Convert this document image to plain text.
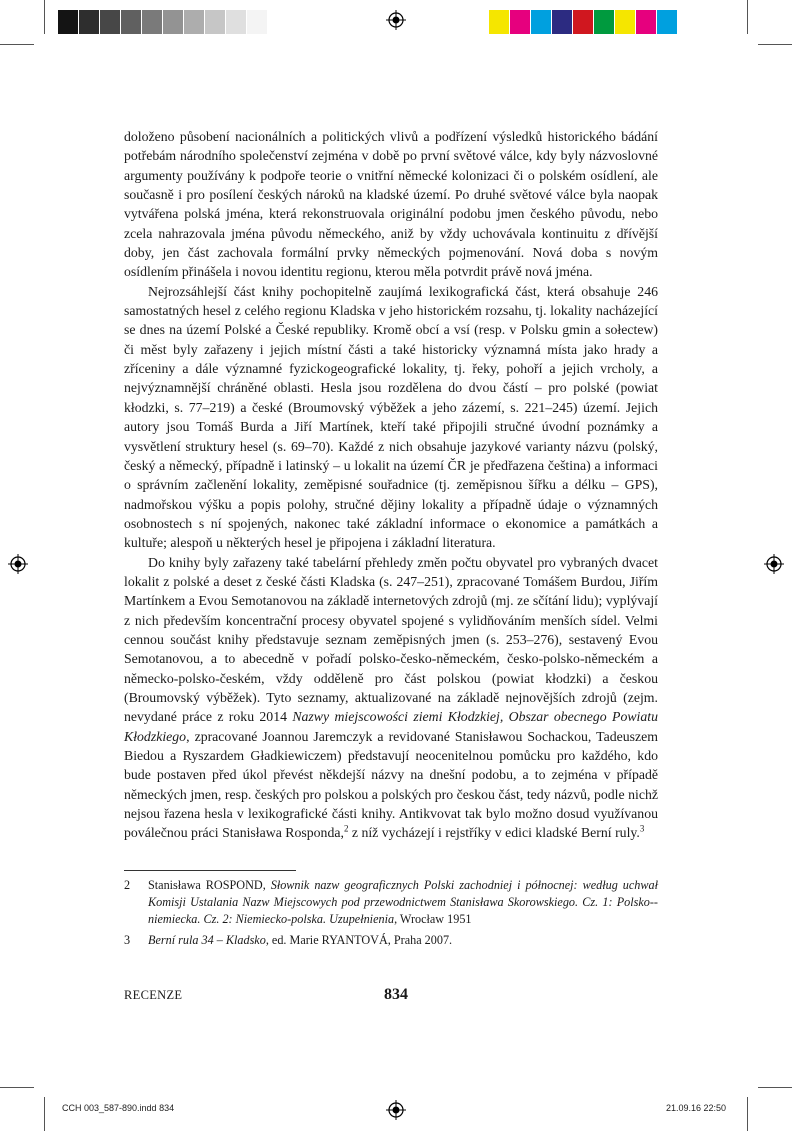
doloženo působení nacionálních a politických vlivů a podřízení výsledků historického bádání potřebám národního společenství zejména v době po první světové válce, kdy byly názvoslovné argumenty používány k podpoře teorie o vnitřní německé kolonizaci či o polském osídlení, ale současně i pro posílení českých nároků na kladské území. Po druhé světové válce byla naopak vytvářena polská jména, která rekonstruovala originální podobu jmen českého původu, nebo zcela nahrazovala jména původu německého, aniž by vždy uchovávala kontinuitu z dřívější doby, jen část zachovala formální prvky německých pojmenování. Nová doba s novým osídlením přinášela i novou identitu regionu, kterou měla potvrdit právě nová jména.

Nejrozsáhlejší část knihy pochopitelně zaujímá lexikografická část, která obsahuje 246 samostatných hesel z celého regionu Kladska v jeho historickém rozsahu, tj. lokality nacházející se dnes na území Polské a České republiky. Kromě obcí a vsí (resp. v Polsku gmin a sołectew) či měst byly zařazeny i jejich místní části a také historicky významná místa jako hrady a zříceniny a dále významné fyzickogeografické lokality, tj. řeky, pohoří a jejich vrcholy, a nejvýznamnější chráněné oblasti. Hesla jsou rozdělena do dvou částí – pro polské (powiat kłodzki, s. 77–219) a české (Broumovský výběžek a jeho zázemí, s. 221–245) území. Jejich autory jsou Tomáš Burda a Jiří Martínek, kteří také připojili stručné úvodní poznámky a vysvětlení struktury hesel (s. 69–70). Každé z nich obsahuje jazykové varianty názvu (polský, český a německý, případně i latinský – u lokalit na území ČR je předřazena čeština) a informaci o správním začlenění lokality, zeměpisné souřadnice (tj. zeměpisnou šířku a délku – GPS), nadmořskou výšku a popis polohy, stručné dějiny lokality a případně údaje o významných osobnostech s ní spojených, nakonec také základní informace o ekonomice a památkách a kultuře; alespoň u některých hesel je připojena i základní literatura.

Do knihy byly zařazeny také tabelární přehledy změn počtu obyvatel pro vybraných dvacet lokalit z polské a deset z české části Kladska (s. 247–251), zpracované Tomášem Burdou, Jiřím Martínkem a Evou Semotanovou na základě internetových zdrojů (mj. ze sčítání lidu); vyplývají z nich především koncentrační procesy obyvatel spojené s vylidňováním menších sídel. Velmi cennou součást knihy představuje seznam zeměpisných jmen (s. 253–276), sestavený Evou Semotanovou, a to abecedně v pořadí polsko-česko-německém, česko-polsko-německém a německo-polsko-českém, vždy odděleně pro část polskou (powiat kłodzki) a českou (Broumovský výběžek). Tyto seznamy, aktualizované na základě nejnovějších zdrojů (zejm. nevydané práce z roku 2014 Nazwy miejscowości ziemi Kłodzkiej, Obszar obecnego Powiatu Kłodzkiego, zpracované Joannou Jaremczyk a revidované Stanisławou Sochackou, Tadeuszem Biedou a Ryszardem Gładkiewiczem) představují neocenitelnou pomůcku pro každého, kdo bude postaven před úkol převést někdejší názvy na dnešní podobu, a to zejména v případě německých jmen, resp. českých pro polskou a polských pro českou část, tedy názvů, podle nichž nejsou řazena hesla v lexikografické části knihy. Antikvovat tak bylo možno dosud využívanou poválečnou práci Stanisława Rosponda,$^2$ z níž vycházejí i rejstříky v edici kladské Berní ruly.$^3$

2	Stanisława ROSPOND, Słownik nazw geograficznych Polski zachodniej i północnej: według uchwał Komisji Ustalania Nazw Miejscowych pod przewodnictwem Stanisława Skorowskiego. Cz. 1: Polsko--niemiecka. Cz. 2: Niemiecko-polska. Uzupełnienia, Wrocław 1951
3	Berní rula 34 – Kladsko, ed. Marie RYANTOVÁ, Praha 2007.
RECENZE	834
CCH 003_587-890.indd 834	21.09.16 22:50
